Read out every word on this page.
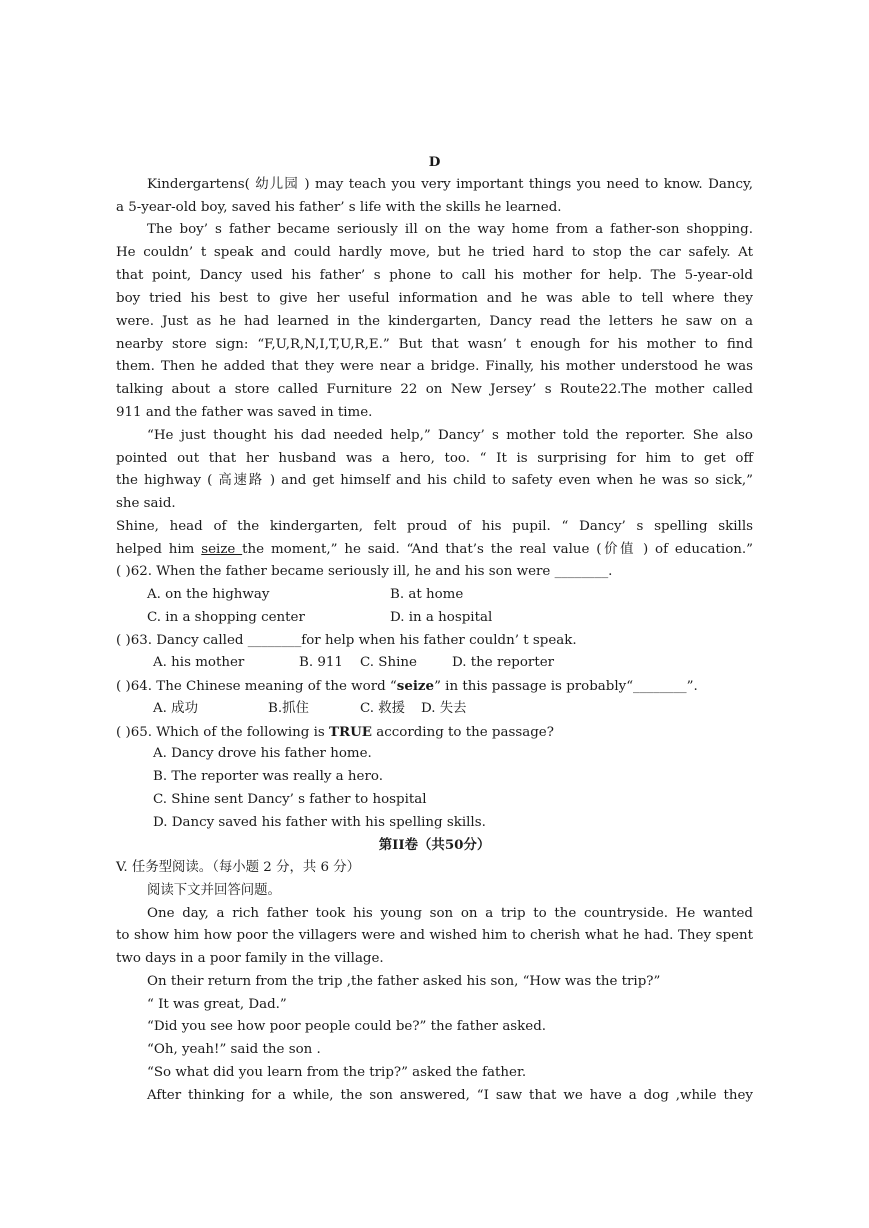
D
Kindergartens( 幼儿园 ) may teach you very important things you need to know. Dancy,
a 5-year-old boy, saved his father’ s life with the skills he learned.
The boy’ s father became seriously ill on the way home from a father-son shopping.
He couldn’ t speak and could hardly move, but he tried hard to stop the car safely. At
that point, Dancy used his father’ s phone to call his mother for help. The 5-year-old
boy tried his best to give her useful information and he was able to tell where they
were. Just as he had learned in the kindergarten, Dancy read the letters he saw on a
nearby store sign: “F,U,R,N,I,T,U,R,E.” But that wasn’ t enough for his mother to find
them. Then he added that they were near a bridge. Finally, his mother understood he was
talking about a store called Furniture 22 on New Jersey’ s Route22.The mother called
911 and the father was saved in time.
“He just thought his dad needed help,” Dancy’ s mother told the reporter. She also
pointed out that her husband was a hero, too. “ It is surprising for him to get off
the highway ( 高速路 ) and get himself and his child to safety even when he was so sick,”
she said.
Shine, head of the kindergarten, felt proud of his pupil. “ Dancy’ s spelling skills
helped him seize the moment,” he said. “And that’s the real value (价值 ) of education.”
( )62. When the father became seriously ill, he and his son were ________.
A. on the highway	B. at home
C. in a shopping center	D. in a hospital
( )63. Dancy called ________for help when his father couldn’ t speak.
A. his mother	B. 911 C. Shine	D. the reporter
( )64. The Chinese meaning of the word “seize” in this passage is probably“________”.
A. 成功	B.抓住	C. 救援 D. 失去
( )65. Which of the following is TRUE according to the passage?
A. Dancy drove his father home.
B. The reporter was really a hero.
C. Shine sent Dancy’ s father to hospital
D. Dancy saved his father with his spelling skills.
第II卷（共50分）
V. 任务型阅读。（每小题 2 分，共 6 分）
阅读下文并回答问题。
One day, a rich father took his young son on a trip to the countryside. He wanted
to show him how poor the villagers were and wished him to cherish what he had. They spent
two days in a poor family in the village.
On their return from the trip ,the father asked his son, “How was the trip?”
“ It was great, Dad.”
“Did you see how poor people could be?” the father asked.
“Oh, yeah!” said the son .
“So what did you learn from the trip?” asked the father.
After thinking for a while, the son answered, “I saw that we have a dog ,while they
